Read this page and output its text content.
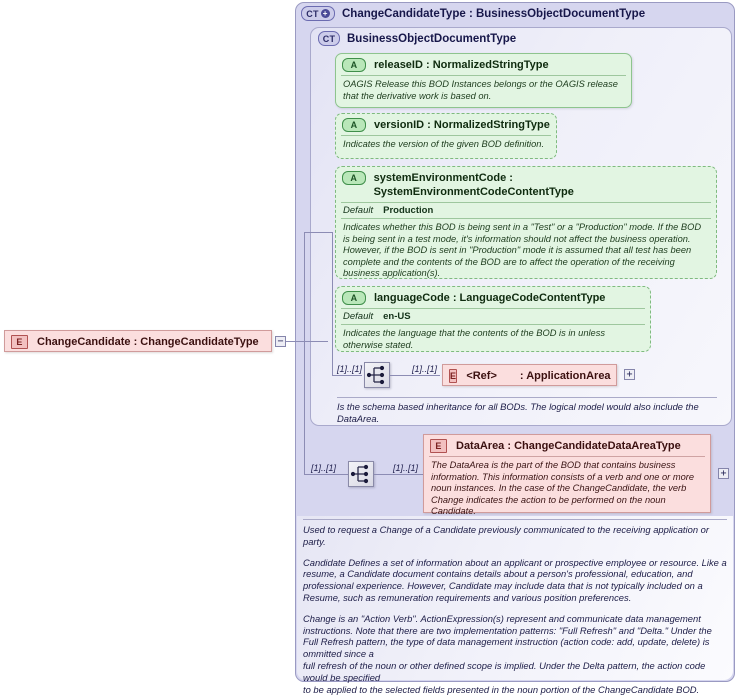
CT + ChangeCandidateType : BusinessObjectDocumentType
CT BusinessObjectDocumentType
A releaseID : NormalizedStringType
OAGIS Release this BOD Instances belongs or the OAGIS release that the derivative work is based on.
A versionID : NormalizedStringType
Indicates the version of the given BOD definition.
A systemEnvironmentCode : SystemEnvironmentCodeContentType
Default Production
Indicates whether this BOD is being sent in a "Test" or a "Production" mode. If the BOD is being sent in a test mode, it's information should not affect the business operation. However, if the BOD is sent in "Production" mode it is assumed that all test has been complete and the contents of the BOD are to affect the operation of the receiving business application(s).
A languageCode : LanguageCodeContentType
Default en-US
Indicates the language that the contents of the BOD is in unless otherwise stated.
E ChangeCandidate : ChangeCandidateType −
[1]..[1]	[1]..[1]
E <Ref> : ApplicationArea +

Is the schema based inheritance for all BODs. The logical model would also include the DataArea.

[1]..[1]	[1]..[1]
E DataArea : ChangeCandidateDataAreaType
The DataArea is the part of the BOD that contains business information. This information consists of a verb and one or more noun instances. In the case of the ChangeCandidate, the verb Change indicates the action to be performed on the noun Candidate.
+

Used to request a Change of a Candidate previously communicated to the receiving application or party.

Candidate Defines a set of information about an applicant or prospective employee or resource. Like a resume, a Candidate document contains details about a person's professional, education, and professional experience. However, Candidate may include data that is not typically included on a Resume, such as remuneration requirements and various position preferences.

Change is an "Action Verb". ActionExpression(s) represent and communicate data management instructions. Note that there are two implementation patterns: "Full Refresh" and "Delta." Under the Full Refresh pattern, the type of data management instruction (action code: add, update, delete) is ommitted since a

full refresh of the noun or other defined scope is implied. Under the Delta pattern, the action code would be specified

to be applied to the selected fields presented in the noun portion of the ChangeCandidate BOD.
